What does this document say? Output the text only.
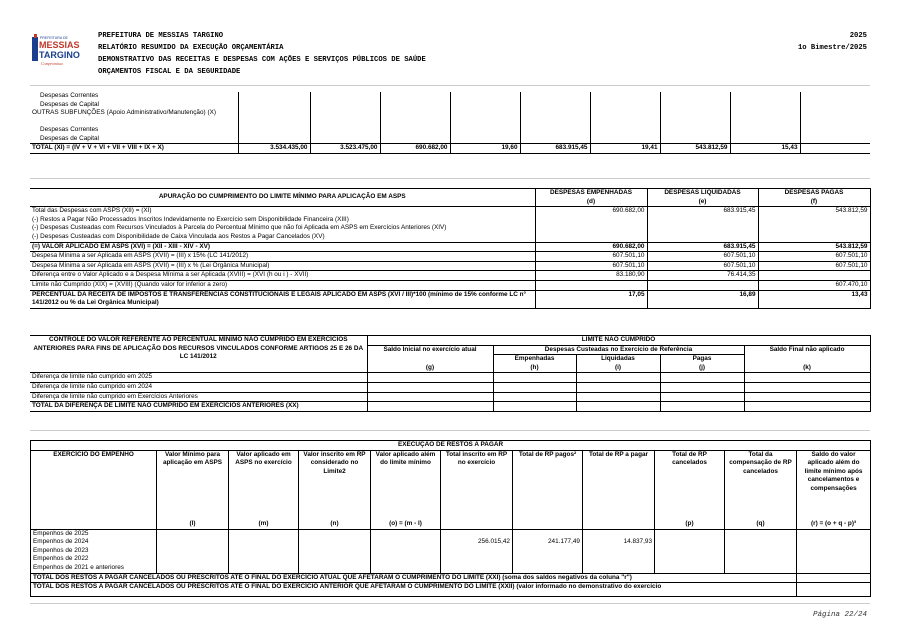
PREFEITURA DE
MESSIAS
TARGINO
Compromisso
PREFEITURA DE MESSIAS TARGINO
RELATÓRIO RESUMIDO DA EXECUÇÃO ORÇAMENTÁRIA
DEMONSTRATIVO DAS RECEITAS E DESPESAS COM AÇÕES E SERVIÇOS PÚBLICOS DE SAÚDE
ORÇAMENTOS FISCAL E DA SEGURIDADE
2025
1o Bimestre/2025
Despesas Correntes									
Despesas de Capital									
OUTRAS SUBFUNÇÕES (Apoio Administrativo/Manutenção) (X)									
Despesas Correntes									
Despesas de Capital									
TOTAL (XI) = (IV + V + VI + VII + VIII + IX + X)	3.534.435,00	3.523.475,00	690.682,00	19,60	683.915,45	19,41	543.812,59	15,43	
APURAÇÃO DO CUMPRIMENTO DO LIMITE MÍNIMO PARA APLICAÇÃO EM ASPS	DESPESAS EMPENHADAS	DESPESAS LIQUIDADAS	DESPESAS PAGAS
	(d)	(e)	(f)
Total das Despesas com ASPS (XII) = (XI)	690.682,00	683.915,45	543.812,59
(-) Restos a Pagar Não Processados Inscritos Indevidamente no Exercício sem Disponibilidade Financeira (XIII)			
(-) Despesas Custeadas com Recursos Vinculados à Parcela do Percentual Mínimo que não foi Aplicada em ASPS em Exercícios Anteriores (XIV)			
(-) Despesas Custeadas com Disponibilidade de Caixa Vinculada aos Restos a Pagar Cancelados (XV)			
(=) VALOR APLICADO EM ASPS (XVI) = (XII - XIII - XIV - XV)	690.682,00	683.915,45	543.812,59
Despesa Mínima a ser Aplicada em ASPS (XVII) = (III) x 15% (LC 141/2012)	607.501,10	607.501,10	607.501,10
Despesa Mínima a ser Aplicada em ASPS (XVII) = (III) x % (Lei Orgânica Municipal)	607.501,10	607.501,10	607.501,10
Diferença entre o Valor Aplicado e a Despesa Mínima a ser Aplicada (XVIII) = (XVI (h ou i ) - XVII)	83.180,90	76.414,35	
Limite não Cumprido (XIX) = (XVIII) (Quando valor for inferior a zero)			607.470,10
PERCENTUAL DA RECEITA DE IMPOSTOS E TRANSFERÊNCIAS CONSTITUCIONAIS E LEGAIS APLICADO EM ASPS (XVI / III)*100 (mínimo de 15% conforme LC n° 141/2012 ou % da Lei Orgânica Municipal)	17,05	16,89	13,43
CONTROLE DO VALOR REFERENTE AO PERCENTUAL MÍNIMO NÃO CUMPRIDO EM EXERCÍCIOS ANTERIORES PARA FINS DE APLICAÇÃO DOS RECURSOS VINCULADOS CONFORME ARTIGOS 25 E 26 DA LC 141/2012	LIMITE NÃO CUMPRIDO				
	Saldo Inicial no exercício atual	Despesas Custeadas no Exercício de Referência			Saldo Final não aplicado
		Empenhadas	Liquidadas	Pagas	
	(g)	(h)	(i)	(j)	(k)
Diferença de limite não cumprido em 2025					
Diferença de limite não cumprido em 2024					
Diferença de limite não cumprido em Exercícios Anteriores					
TOTAL DA DIFERENÇA DE LIMITE NÃO CUMPRIDO EM EXERCÍCIOS ANTERIORES (XX)					
EXECUÇÃO DE RESTOS A PAGAR										
EXERCÍCIO DO EMPENHO	Valor Mínimo para aplicação em ASPS	Valor aplicado em ASPS no exercício	Valor inscrito em RP considerado no Limite2	Valor aplicado além do limite mínimo	Total inscrito em RP no exercício	Total de RP pagos²	Total de RP a pagar	Total de RP cancelados	Total da compensação de RP cancelados	Saldo do valor aplicado além do limite mínimo após cancelamentos e compensações
	(l)	(m)	(n)	(o) = (m - l)				(p)	(q)	(r) = (o + q - p)³
Empenhos de 2025										
Empenhos de 2024					256.015,42	241.177,49	14.837,93			
Empenhos de 2023										
Empenhos de 2022										
Empenhos de 2021 e anteriores										
TOTAL DOS RESTOS A PAGAR CANCELADOS OU PRESCRITOS ATÉ O FINAL DO EXERCÍCIO ATUAL QUE AFETARAM O CUMPRIMENTO DO LIMITE (XXI) (soma dos saldos negativos da coluna "r")										
TOTAL DOS RESTOS A PAGAR CANCELADOS OU PRESCRITOS ATÉ O FINAL DO EXERCÍCIO ANTERIOR QUE AFETARAM O CUMPRIMENTO DO LIMITE (XXII) (valor informado no demonstrativo do exercício										
Página 22/24
